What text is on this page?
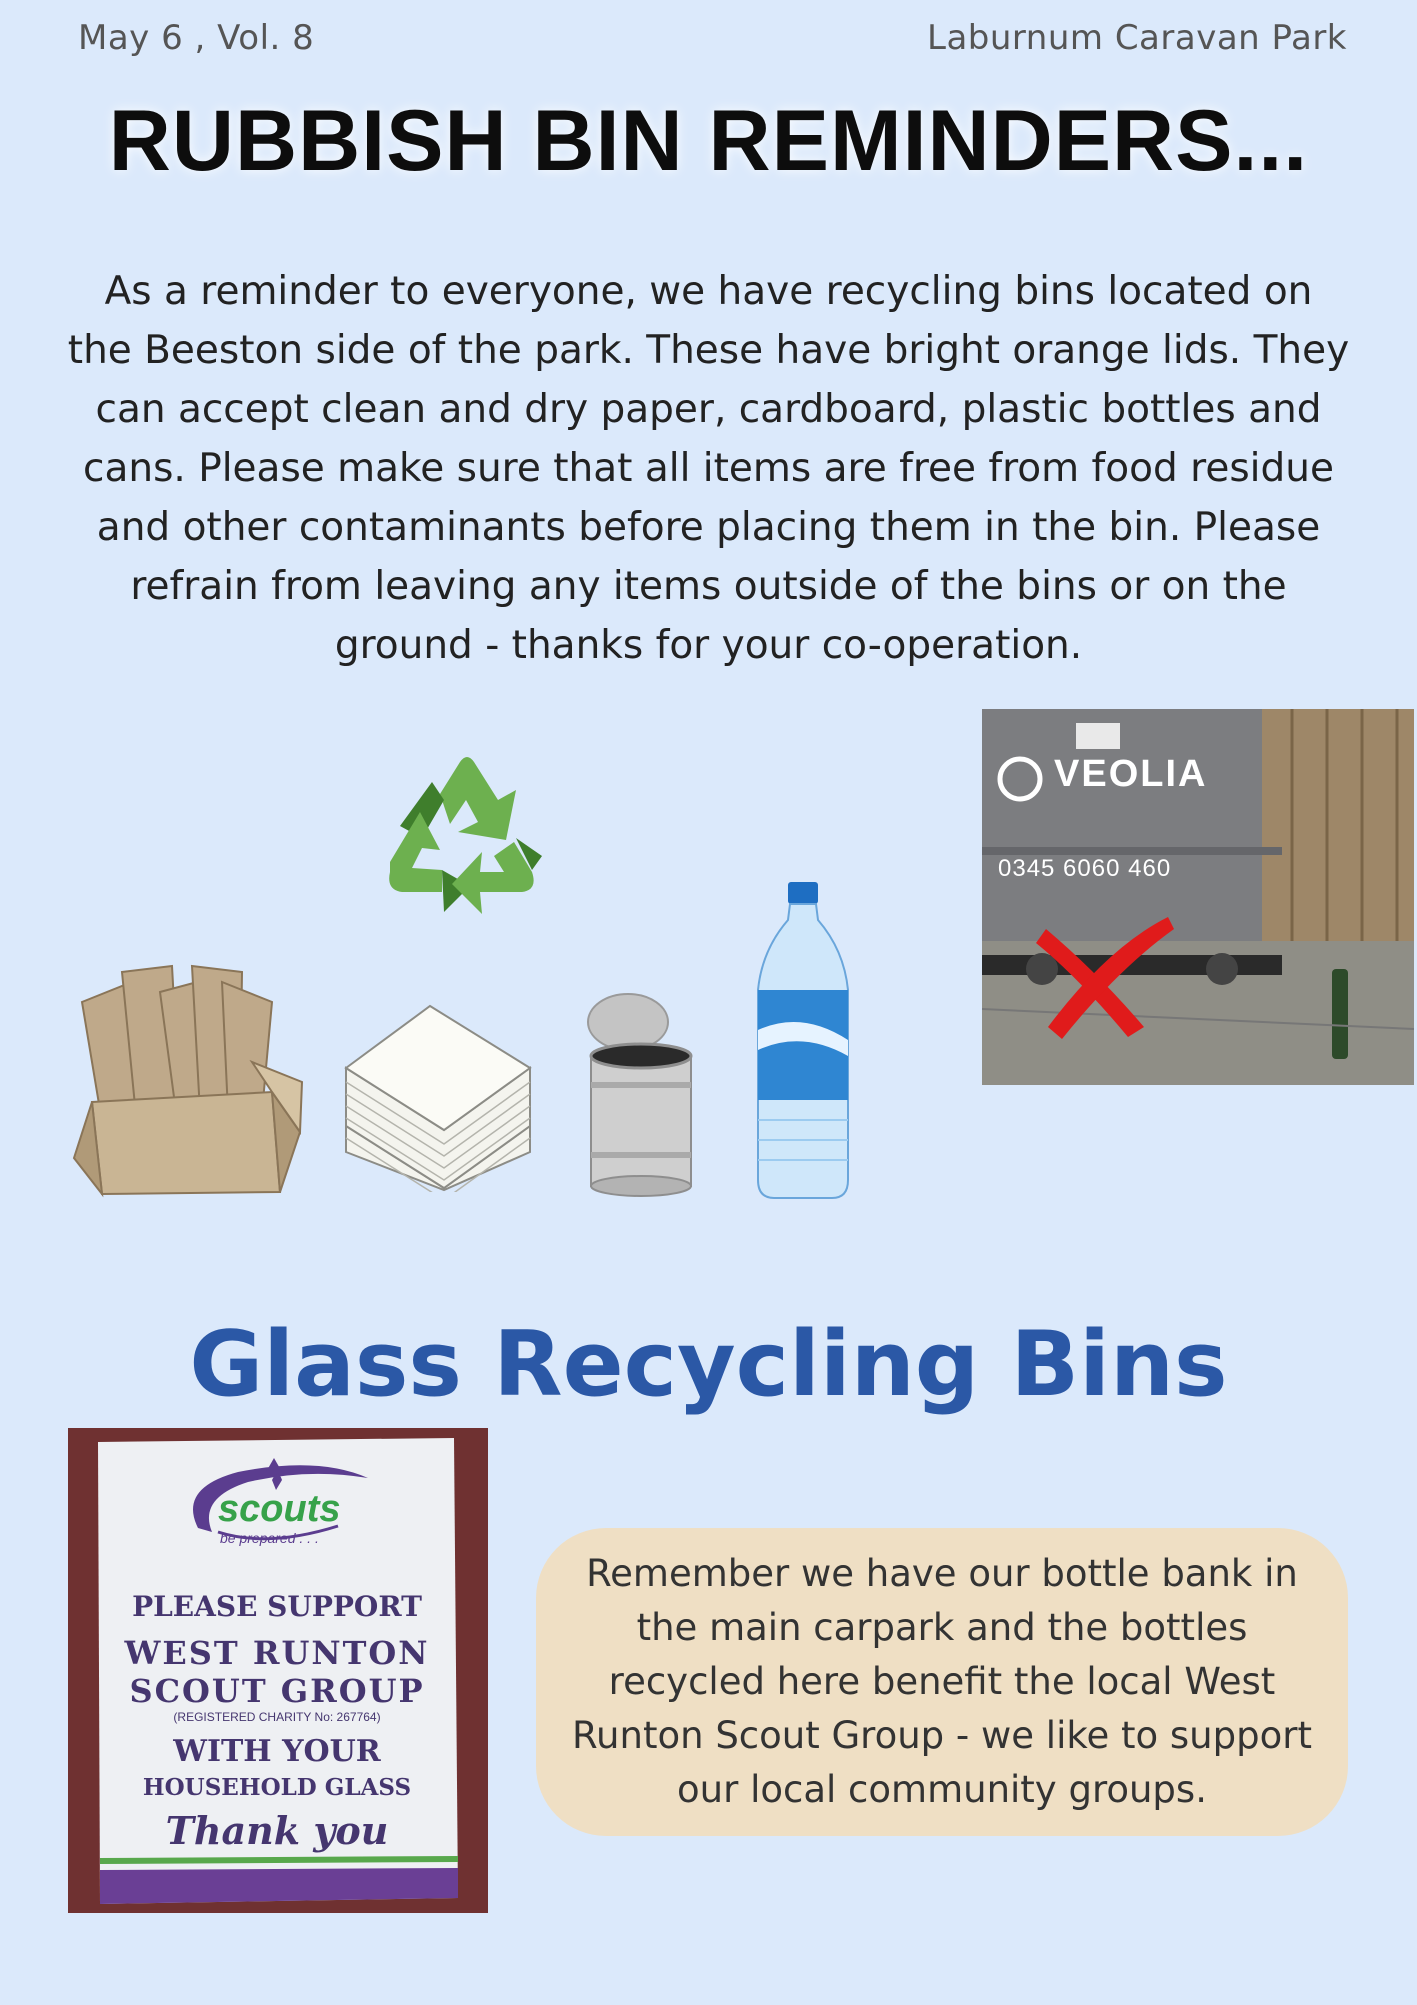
May 6 , Vol. 8	Laburnum Caravan Park
RUBBISH BIN REMINDERS...

As a reminder to everyone, we have recycling bins located on
the Beeston side of the park. These have bright orange lids. They
can accept clean and dry paper, cardboard, plastic bottles and
cans. Please make sure that all items are free from food residue
and other contaminants before placing them in the bin. Please
refrain from leaving any items outside of the bins or on the
ground - thanks for your co-operation.

VEOLIA
0345 6060 460
Glass Recycling Bins
scouts
be prepared . . .
PLEASE SUPPORT
WEST RUNTON
SCOUT GROUP
(REGISTERED CHARITY No: 267764)
WITH YOUR
HOUSEHOLD GLASS
Thank you

Remember we have our bottle bank in
the main carpark and the bottles
recycled here benefit the local West
Runton Scout Group - we like to support
our local community groups.
